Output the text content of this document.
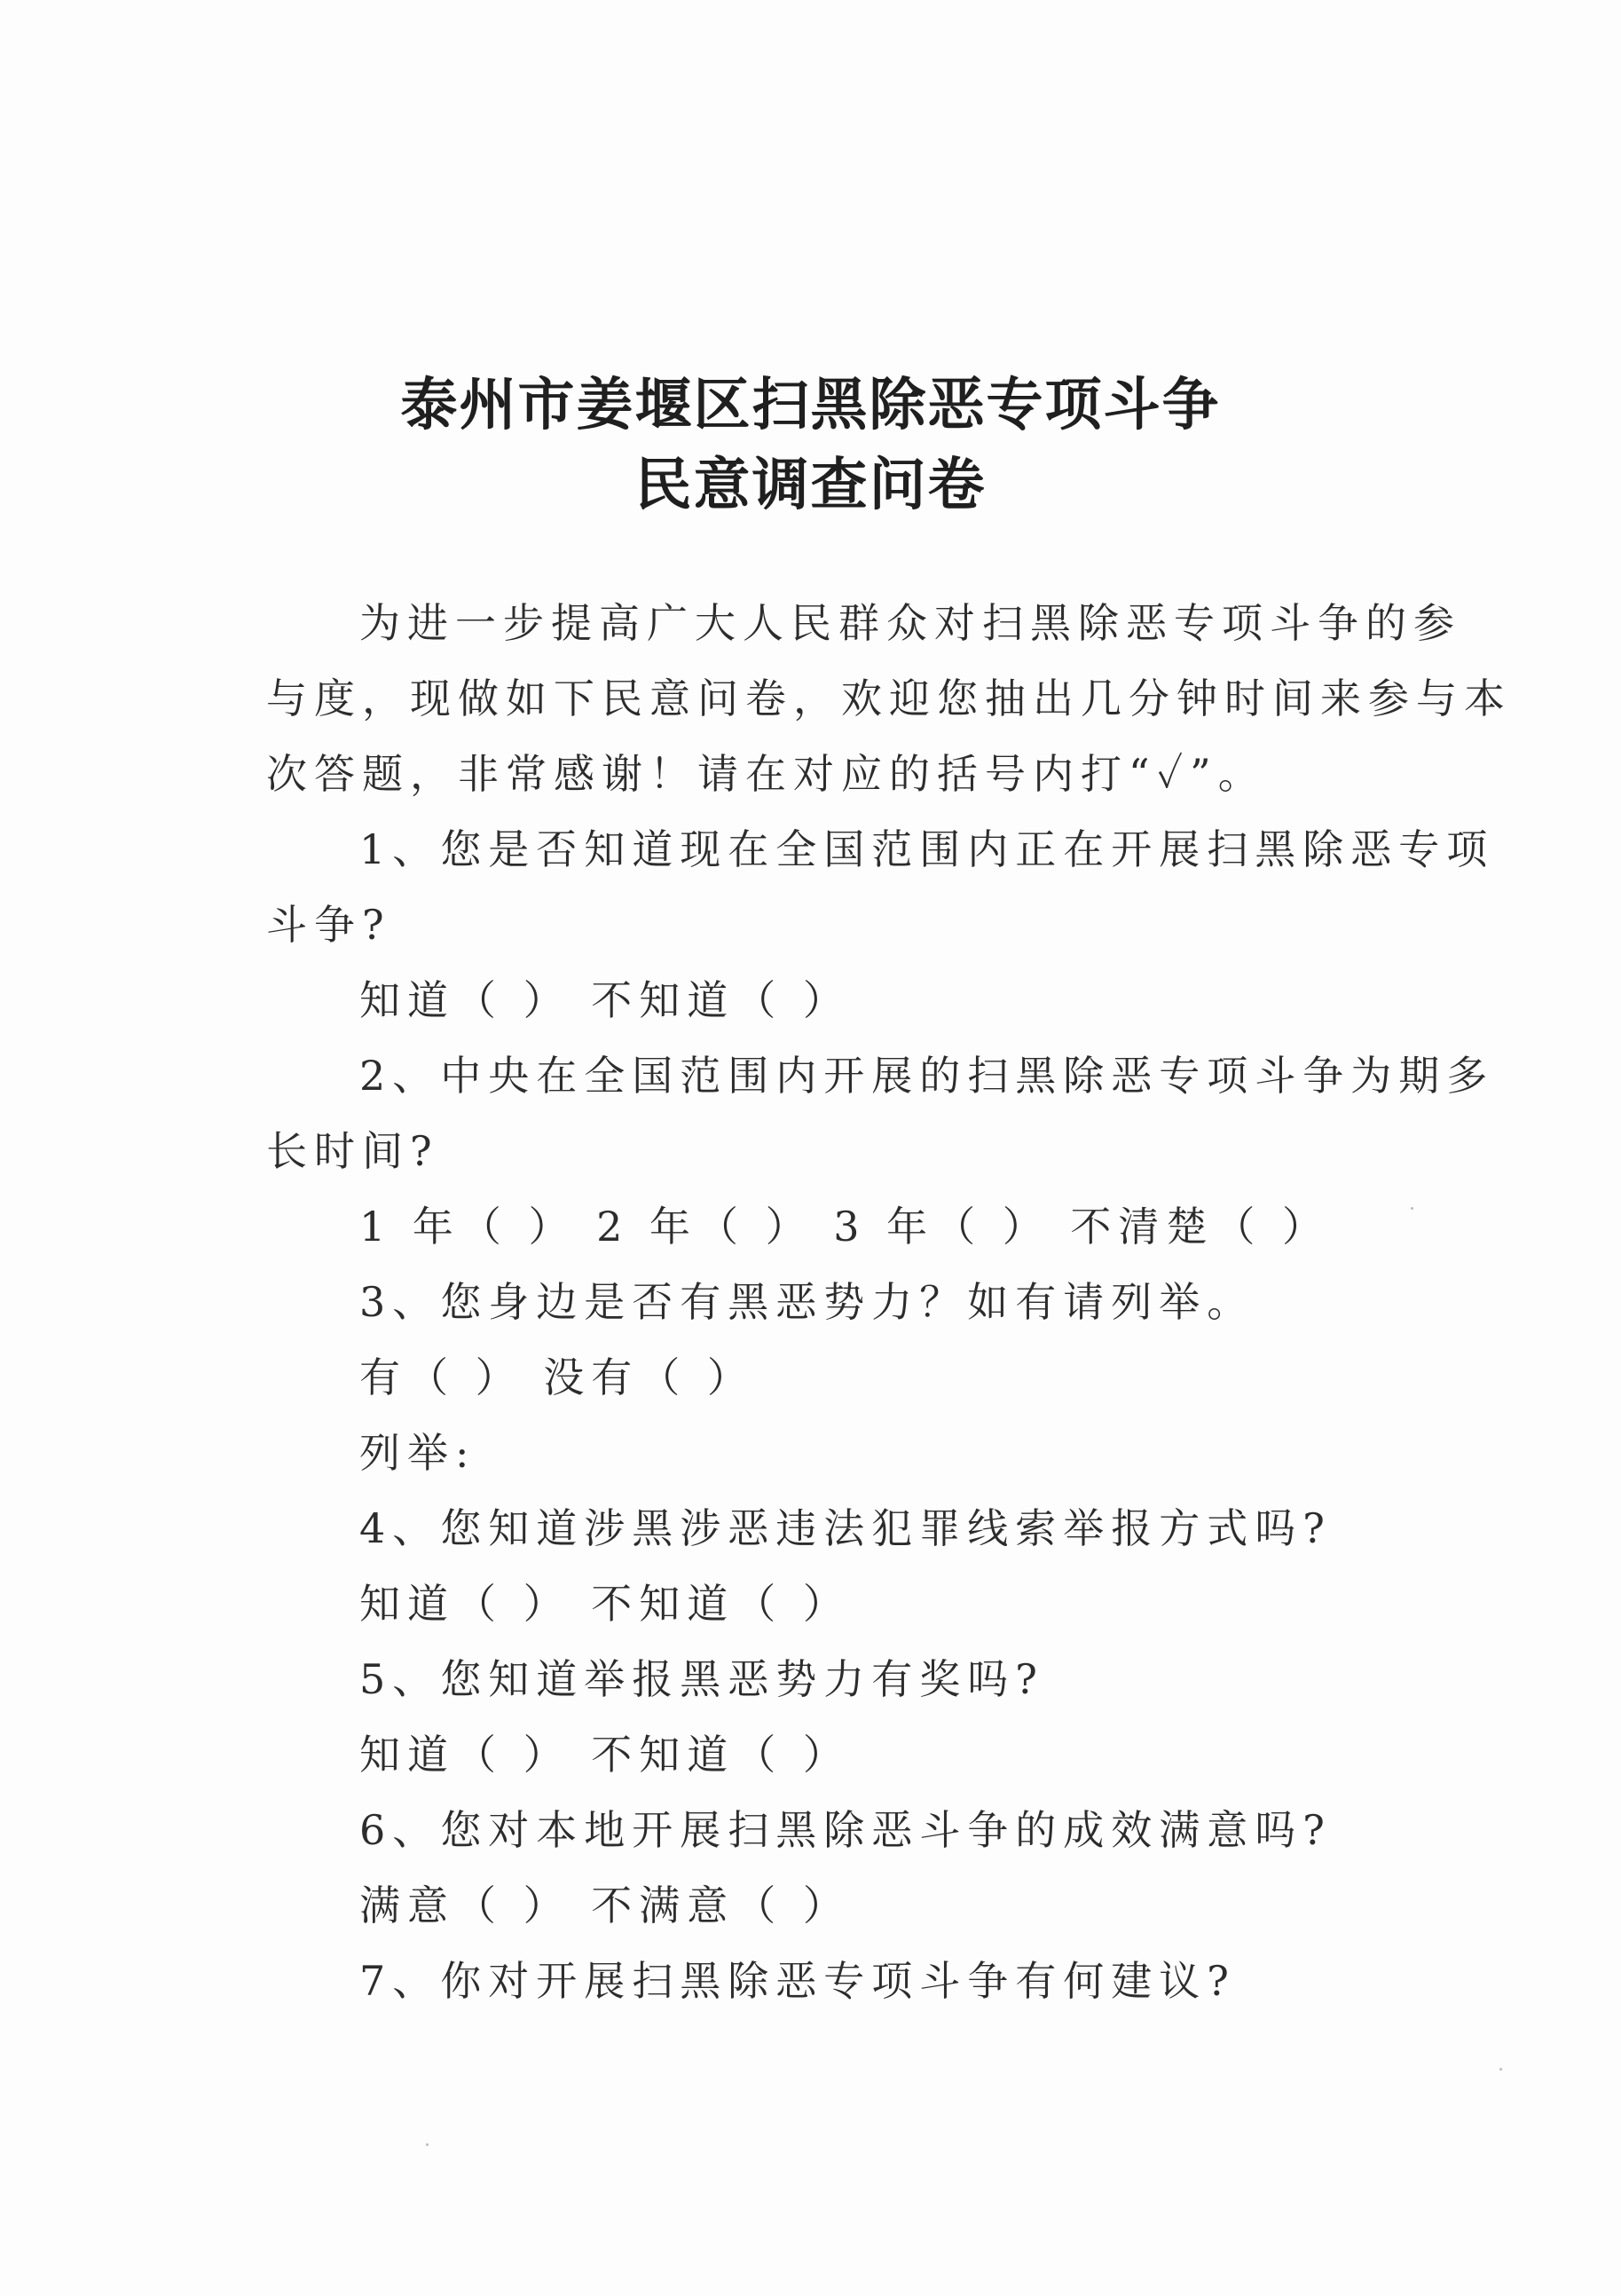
泰州市姜堰区扫黑除恶专项斗争
民意调查问卷
为进一步提高广大人民群众对扫黑除恶专项斗争的参
与度，现做如下民意问卷，欢迎您抽出几分钟时间来参与本
次答题，非常感谢！请在对应的括号内打“✓”。
1、您是否知道现在全国范围内正在开展扫黑除恶专项
斗争?
知道（ ） 不知道（ ）
2、中央在全国范围内开展的扫黑除恶专项斗争为期多
长时间?
1 年（ ） 2 年（ ） 3 年（ ） 不清楚（ ）
3、您身边是否有黑恶势力？如有请列举。
有（ ） 没有（ ）
列举:
4、您知道涉黑涉恶违法犯罪线索举报方式吗?
知道（ ） 不知道（ ）
5、您知道举报黑恶势力有奖吗?
知道（ ） 不知道（ ）
6、您对本地开展扫黑除恶斗争的成效满意吗?
满意（ ） 不满意（ ）
7、你对开展扫黑除恶专项斗争有何建议?
